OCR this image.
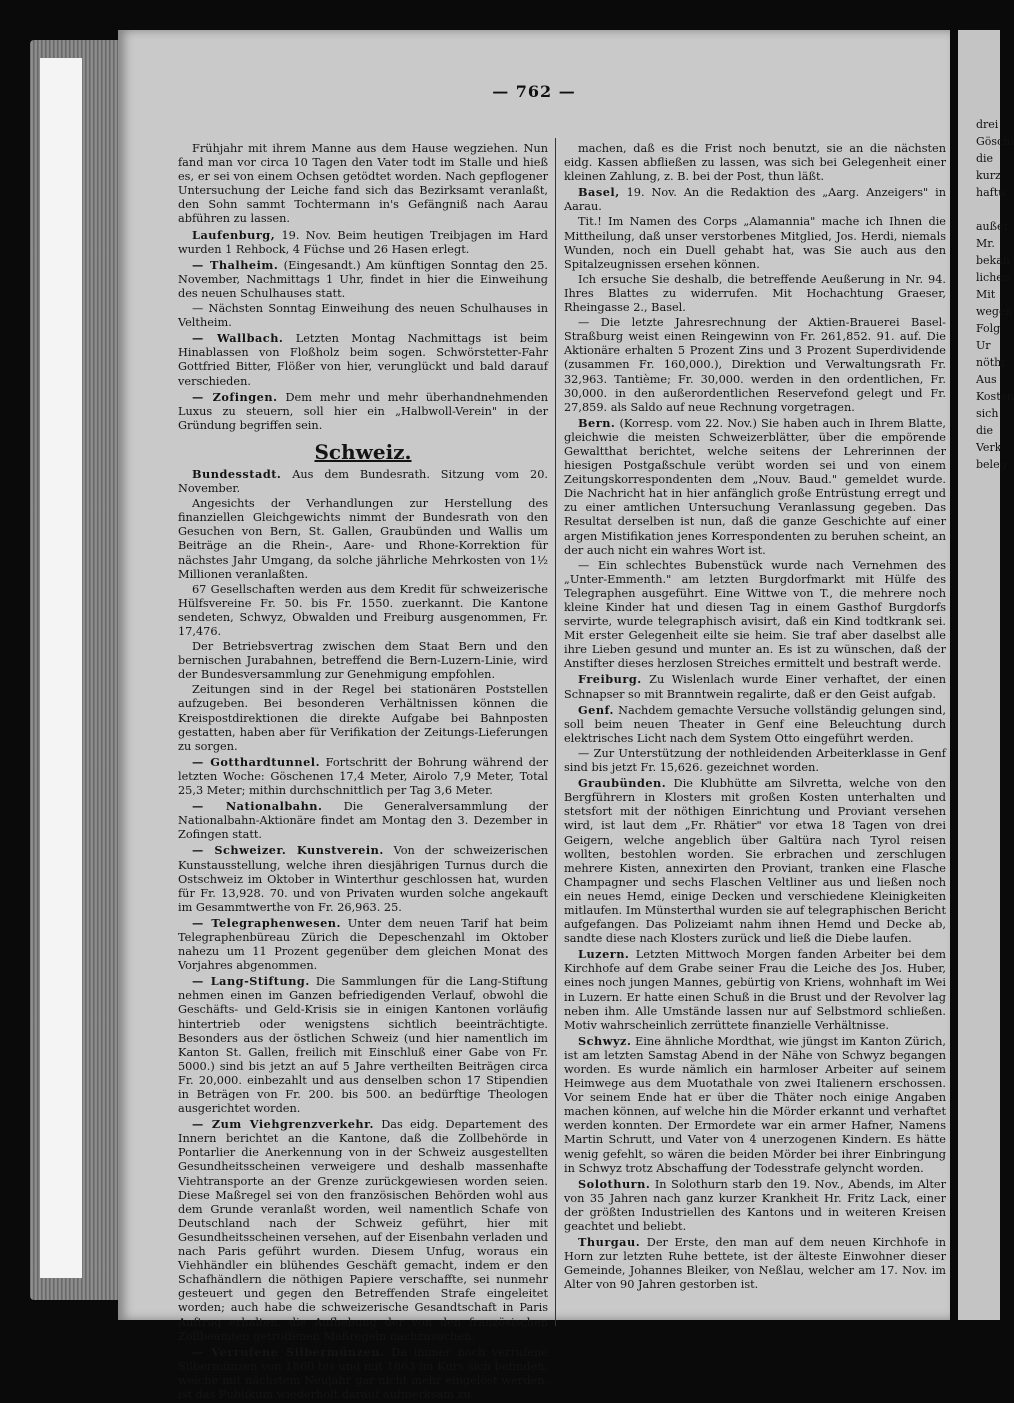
— 762 —

Frühjahr mit ihrem Manne aus dem Hause wegziehen. Nun fand man vor circa 10 Tagen den Vater todt im Stalle und hieß es, er sei von einem Ochsen getödtet worden. Nach gepflogener Untersuchung der Leiche fand sich das Bezirksamt veranlaßt, den Sohn sammt Tochtermann in's Gefängniß nach Aarau abführen zu lassen.

Laufenburg, 19. Nov. Beim heutigen Treibjagen im Hard wurden 1 Rehbock, 4 Füchse und 26 Hasen erlegt.

— Thalheim. (Eingesandt.) Am künftigen Sonntag den 25. November, Nachmittags 1 Uhr, findet in hier die Einweihung des neuen Schulhauses statt.

— Nächsten Sonntag Einweihung des neuen Schulhauses in Veltheim.

— Wallbach. Letzten Montag Nachmittags ist beim Hinablassen von Floßholz beim sogen. Schwörstetter-Fahr Gottfried Bitter, Flößer von hier, verunglückt und bald darauf verschieden.

— Zofingen. Dem mehr und mehr überhandnehmenden Luxus zu steuern, soll hier ein „Halbwoll-Verein" in der Gründung begriffen sein.

Schweiz.

Bundesstadt. Aus dem Bundesrath. Sitzung vom 20. November.

Angesichts der Verhandlungen zur Herstellung des finanziellen Gleichgewichts nimmt der Bundesrath von den Gesuchen von Bern, St. Gallen, Graubünden und Wallis um Beiträge an die Rhein-, Aare- und Rhone-Korrektion für nächstes Jahr Umgang, da solche jährliche Mehrkosten von 1½ Millionen veranlaßten.

67 Gesellschaften werden aus dem Kredit für schweizerische Hülfsvereine Fr. 50. bis Fr. 1550. zuerkannt. Die Kantone sendeten, Schwyz, Obwalden und Freiburg ausgenommen, Fr. 17,476.

Der Betriebsvertrag zwischen dem Staat Bern und den bernischen Jurabahnen, betreffend die Bern-Luzern-Linie, wird der Bundesversammlung zur Genehmigung empfohlen.

Zeitungen sind in der Regel bei stationären Poststellen aufzugeben. Bei besonderen Verhältnissen können die Kreispostdirektionen die direkte Aufgabe bei Bahnposten gestatten, haben aber für Verifikation der Zeitungs-Lieferungen zu sorgen.

— Gotthardtunnel. Fortschritt der Bohrung während der letzten Woche: Göschenen 17,4 Meter, Airolo 7,9 Meter, Total 25,3 Meter; mithin durchschnittlich per Tag 3,6 Meter.

— Nationalbahn. Die Generalversammlung der Nationalbahn-Aktionäre findet am Montag den 3. Dezember in Zofingen statt.

— Schweizer. Kunstverein. Von der schweizerischen Kunstausstellung, welche ihren diesjährigen Turnus durch die Ostschweiz im Oktober in Winterthur geschlossen hat, wurden für Fr. 13,928. 70. und von Privaten wurden solche angekauft im Gesammtwerthe von Fr. 26,963. 25.

— Telegraphenwesen. Unter dem neuen Tarif hat beim Telegraphenbüreau Zürich die Depeschenzahl im Oktober nahezu um 11 Prozent gegenüber dem gleichen Monat des Vorjahres abgenommen.

— Lang-Stiftung. Die Sammlungen für die Lang-Stiftung nehmen einen im Ganzen befriedigenden Verlauf, obwohl die Geschäfts- und Geld-Krisis sie in einigen Kantonen vorläufig hintertrieb oder wenigstens sichtlich beeinträchtigte. Besonders aus der östlichen Schweiz (und hier namentlich im Kanton St. Gallen, freilich mit Einschluß einer Gabe von Fr. 5000.) sind bis jetzt an auf 5 Jahre vertheilten Beiträgen circa Fr. 20,000. einbezahlt und aus denselben schon 17 Stipendien in Beträgen von Fr. 200. bis 500. an bedürftige Theologen ausgerichtet worden.

— Zum Viehgrenzverkehr. Das eidg. Departement des Innern berichtet an die Kantone, daß die Zollbehörde in Pontarlier die Anerkennung von in der Schweiz ausgestellten Gesundheitsscheinen verweigere und deshalb massenhafte Viehtransporte an der Grenze zurückgewiesen worden seien. Diese Maßregel sei von den französischen Behörden wohl aus dem Grunde veranlaßt worden, weil namentlich Schafe von Deutschland nach der Schweiz geführt, hier mit Gesundheitsscheinen versehen, auf der Eisenbahn verladen und nach Paris geführt wurden. Diesem Unfug, woraus ein Viehhändler ein blühendes Geschäft gemacht, indem er den Schafhändlern die nöthigen Papiere verschaffte, sei nunmehr gesteuert und gegen den Betreffenden Strafe eingeleitet worden; auch habe die schweizerische Gesandtschaft in Paris Auftrag erhalten, die Aufhebung der von den französischen Zollbeamten getroffenen Maßregeln nachzusuchen.

— Verrufene Silbermünzen. Da immer noch verrufene Silbermünzen von 1860 bis und mit 1863 im Kurs sich befinden, welche mit nächstem Neujahr gar nicht mehr eingelöst werden, ist das Publikum wiederholt darauf aufmerksam zu

machen, daß es die Frist noch benutzt, sie an die nächsten eidg. Kassen abfließen zu lassen, was sich bei Gelegenheit einer kleinen Zahlung, z. B. bei der Post, thun läßt.

Basel, 19. Nov. An die Redaktion des „Aarg. Anzeigers" in Aarau.

Tit.! Im Namen des Corps „Alamannia" mache ich Ihnen die Mittheilung, daß unser verstorbenes Mitglied, Jos. Herdi, niemals Wunden, noch ein Duell gehabt hat, was Sie auch aus den Spitalzeugnissen ersehen können.

Ich ersuche Sie deshalb, die betreffende Aeußerung in Nr. 94. Ihres Blattes zu widerrufen. Mit Hochachtung Graeser, Rheingasse 2., Basel.

— Die letzte Jahresrechnung der Aktien-Brauerei Basel-Straßburg weist einen Reingewinn von Fr. 261,852. 91. auf. Die Aktionäre erhalten 5 Prozent Zins und 3 Prozent Superdividende (zusammen Fr. 160,000.), Direktion und Verwaltungsrath Fr. 32,963. Tantième; Fr. 30,000. werden in den ordentlichen, Fr. 30,000. in den außerordentlichen Reservefond gelegt und Fr. 27,859. als Saldo auf neue Rechnung vorgetragen.

Bern. (Korresp. vom 22. Nov.) Sie haben auch in Ihrem Blatte, gleichwie die meisten Schweizerblätter, über die empörende Gewaltthat berichtet, welche seitens der Lehrerinnen der hiesigen Postgaßschule verübt worden sei und von einem Zeitungskorrespondenten dem „Nouv. Baud." gemeldet wurde. Die Nachricht hat in hier anfänglich große Entrüstung erregt und zu einer amtlichen Untersuchung Veranlassung gegeben. Das Resultat derselben ist nun, daß die ganze Geschichte auf einer argen Mistifikation jenes Korrespondenten zu beruhen scheint, an der auch nicht ein wahres Wort ist.

— Ein schlechtes Bubenstück wurde nach Vernehmen des „Unter-Emmenth." am letzten Burgdorfmarkt mit Hülfe des Telegraphen ausgeführt. Eine Wittwe von T., die mehrere noch kleine Kinder hat und diesen Tag in einem Gasthof Burgdorfs servirte, wurde telegraphisch avisirt, daß ein Kind todtkrank sei. Mit erster Gelegenheit eilte sie heim. Sie traf aber daselbst alle ihre Lieben gesund und munter an. Es ist zu wünschen, daß der Anstifter dieses herzlosen Streiches ermittelt und bestraft werde.

Freiburg. Zu Wislenlach wurde Einer verhaftet, der einen Schnapser so mit Branntwein regalirte, daß er den Geist aufgab.

Genf. Nachdem gemachte Versuche vollständig gelungen sind, soll beim neuen Theater in Genf eine Beleuchtung durch elektrisches Licht nach dem System Otto eingeführt werden.

— Zur Unterstützung der nothleidenden Arbeiterklasse in Genf sind bis jetzt Fr. 15,626. gezeichnet worden.

Graubünden. Die Klubhütte am Silvretta, welche von den Bergführern in Klosters mit großen Kosten unterhalten und stetsfort mit der nöthigen Einrichtung und Proviant versehen wird, ist laut dem „Fr. Rhätier" vor etwa 18 Tagen von drei Geigern, welche angeblich über Galtüra nach Tyrol reisen wollten, bestohlen worden. Sie erbrachen und zerschlugen mehrere Kisten, annexirten den Proviant, tranken eine Flasche Champagner und sechs Flaschen Veltliner aus und ließen noch ein neues Hemd, einige Decken und verschiedene Kleinigkeiten mitlaufen. Im Münsterthal wurden sie auf telegraphischen Bericht aufgefangen. Das Polizeiamt nahm ihnen Hemd und Decke ab, sandte diese nach Klosters zurück und ließ die Diebe laufen.

Luzern. Letzten Mittwoch Morgen fanden Arbeiter bei dem Kirchhofe auf dem Grabe seiner Frau die Leiche des Jos. Huber, eines noch jungen Mannes, gebürtig von Kriens, wohnhaft im Wei in Luzern. Er hatte einen Schuß in die Brust und der Revolver lag neben ihm. Alle Umstände lassen nur auf Selbstmord schließen. Motiv wahrscheinlich zerrüttete finanzielle Verhältnisse.

Schwyz. Eine ähnliche Mordthat, wie jüngst im Kanton Zürich, ist am letzten Samstag Abend in der Nähe von Schwyz begangen worden. Es wurde nämlich ein harmloser Arbeiter auf seinem Heimwege aus dem Muotathale von zwei Italienern erschossen. Vor seinem Ende hat er über die Thäter noch einige Angaben machen können, auf welche hin die Mörder erkannt und verhaftet werden konnten. Der Ermordete war ein armer Hafner, Namens Martin Schrutt, und Vater von 4 unerzogenen Kindern. Es hätte wenig gefehlt, so wären die beiden Mörder bei ihrer Einbringung in Schwyz trotz Abschaffung der Todesstrafe gelyncht worden.

Solothurn. In Solothurn starb den 19. Nov., Abends, im Alter von 35 Jahren nach ganz kurzer Krankheit Hr. Fritz Lack, einer der größten Industriellen des Kantons und in weiteren Kreisen geachtet und beliebt.

Thurgau. Der Erste, den man auf dem neuen Kirchhofe in Horn zur letzten Ruhe bettete, ist der älteste Einwohner dieser Gemeinde, Johannes Bleiker, von Neßlau, welcher am 17. Nov. im Alter von 90 Jahren gestorben ist.

drei
Göschi
die
kurz
haftu

außer
Mr.
bekan
lichen
Mit
wegen
Folg
Ur
nöthi
Aus
Kosten
sich
die
Verk
beleg
